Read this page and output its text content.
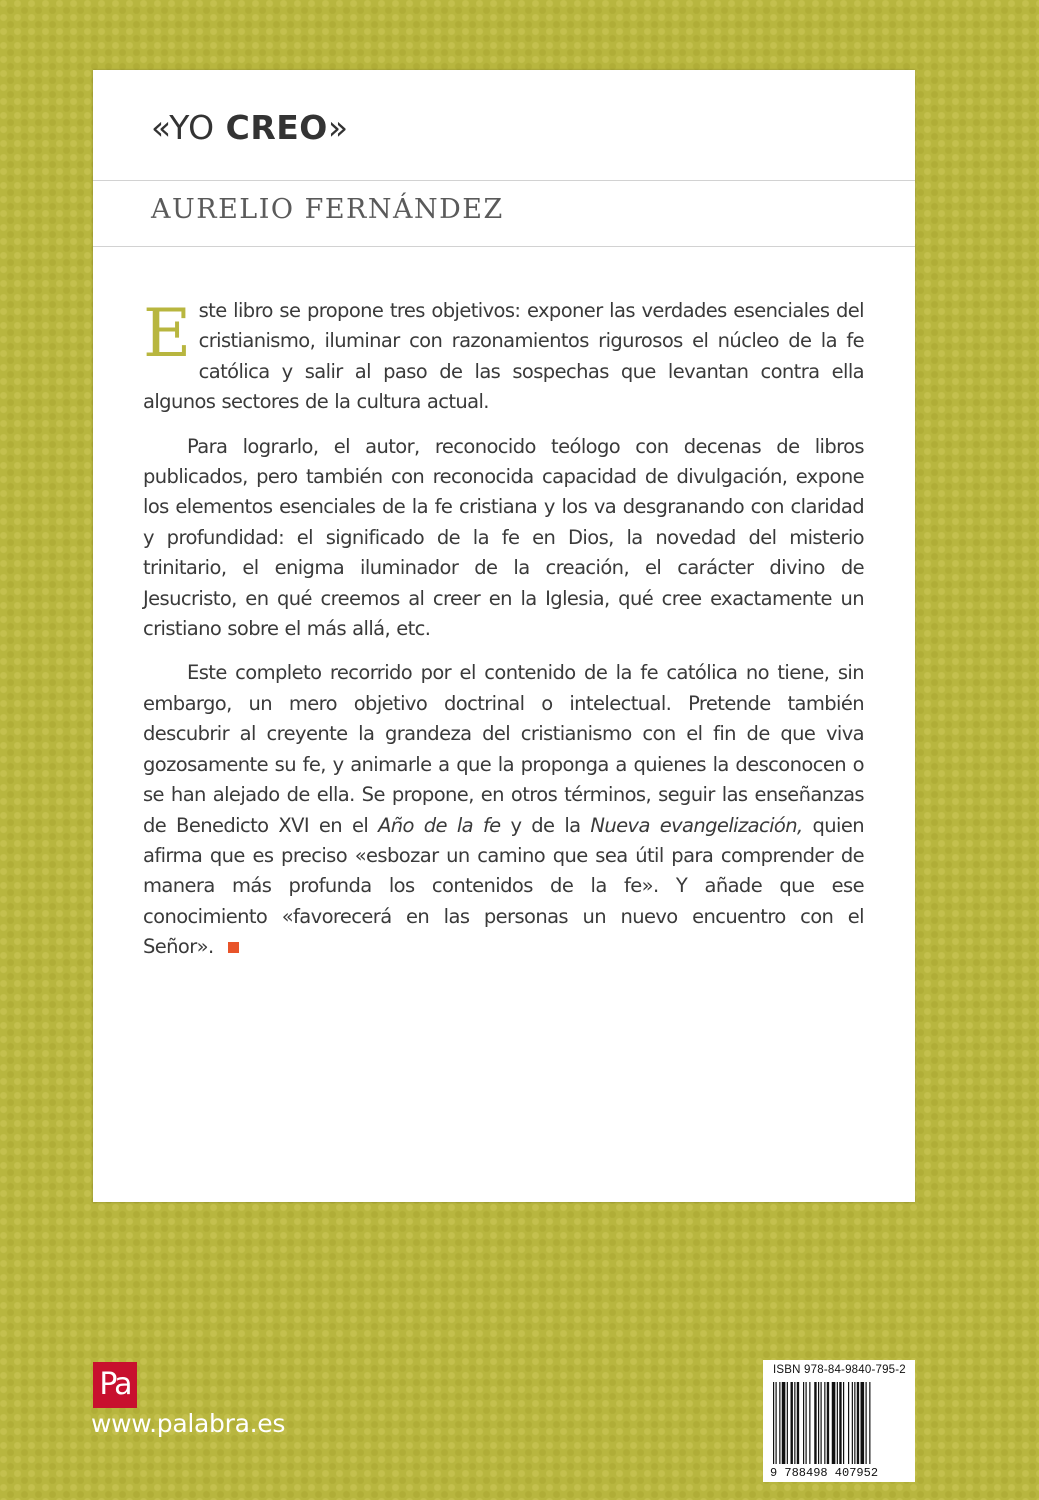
«YO CREO»
AURELIO FERNÁNDEZ

Este libro se propone tres objetivos: exponer las verdades esenciales del cristianismo, iluminar con razonamientos rigurosos el núcleo de la fe católica y salir al paso de las sospechas que levantan contra ella algunos sectores de la cultura actual.

Para lograrlo, el autor, reconocido teólogo con decenas de libros publicados, pero también con reconocida capacidad de divulgación, expone los elementos esenciales de la fe cristiana y los va desgranando con claridad y profundidad: el significado de la fe en Dios, la novedad del misterio trinitario, el enigma iluminador de la creación, el carácter divino de Jesucristo, en qué creemos al creer en la Iglesia, qué cree exactamente un cristiano sobre el más allá, etc.

Este completo recorrido por el contenido de la fe católica no tiene, sin embargo, un mero objetivo doctrinal o intelectual. Pretende también descubrir al creyente la grandeza del cristianismo con el fin de que viva gozosamente su fe, y animarle a que la proponga a quienes la desconocen o se han alejado de ella. Se propone, en otros términos, seguir las enseñanzas de Benedicto XVI en el Año de la fe y de la Nueva evangelización, quien afirma que es preciso «esbozar un camino que sea útil para comprender de manera más profunda los contenidos de la fe». Y añade que ese conocimiento «favorecerá en las personas un nuevo encuentro con el Señor».

Pa

www.palabra.es

ISBN 978-84-9840-795-2

9 788498 407952
